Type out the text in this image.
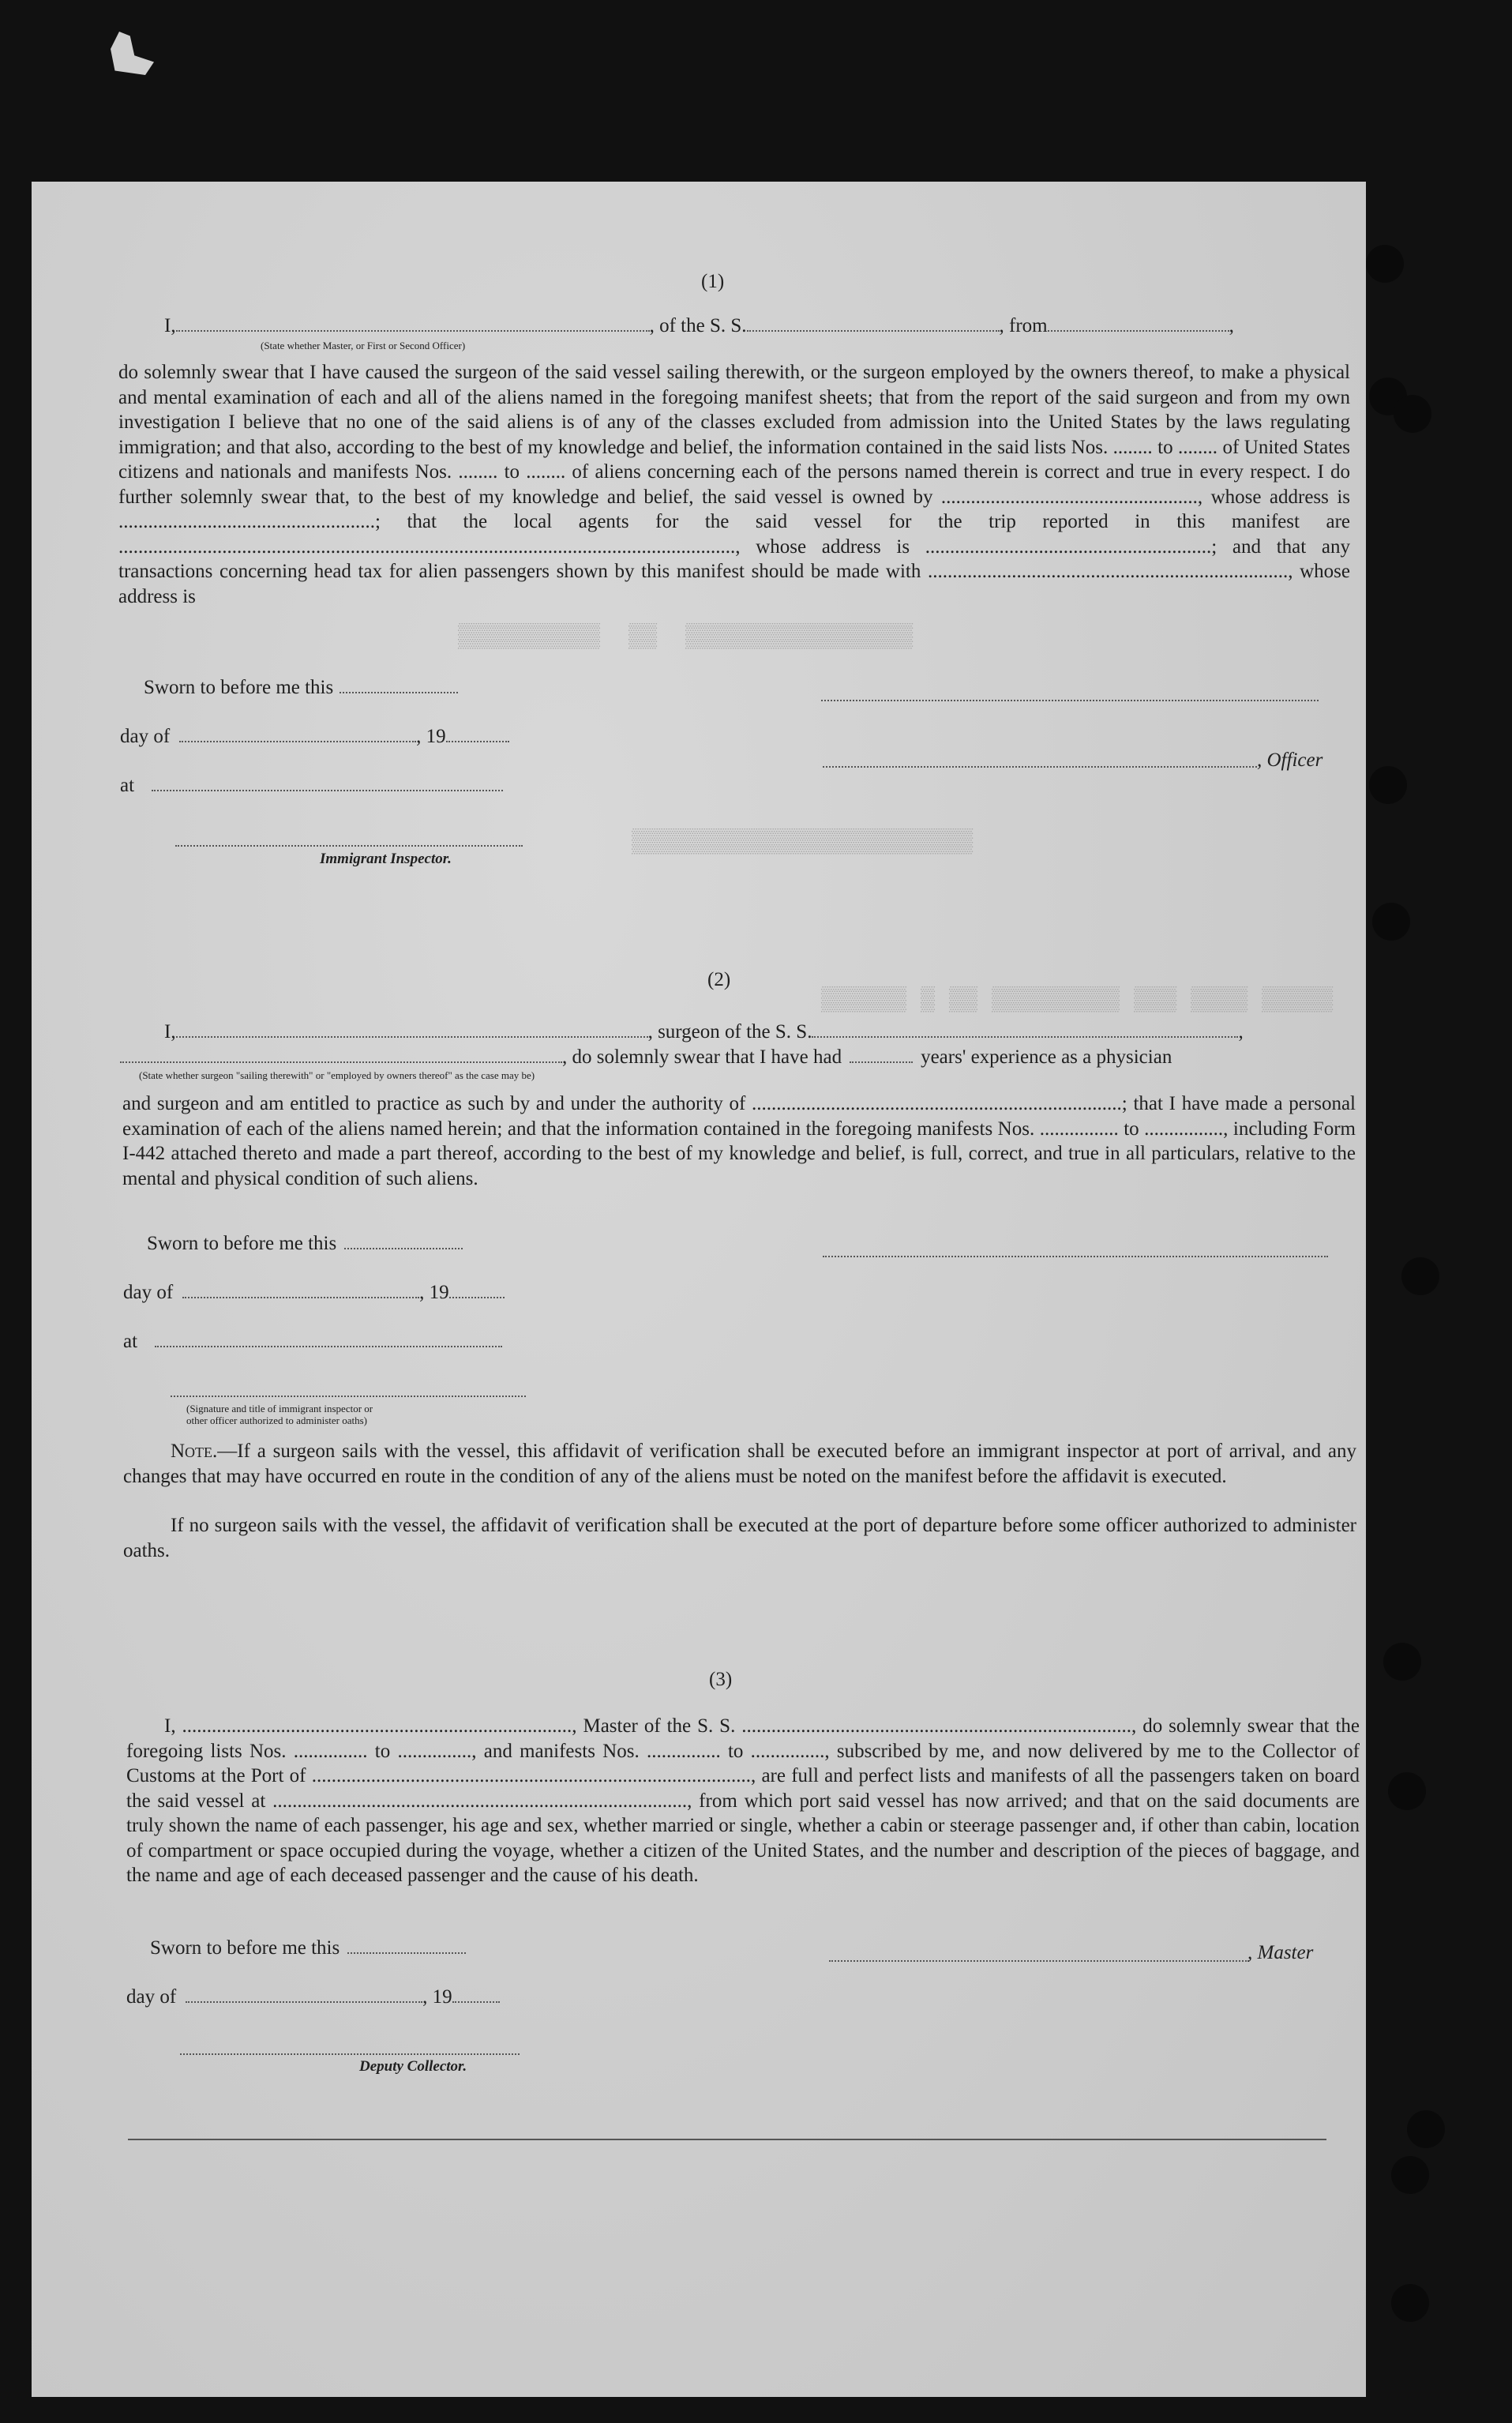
▒▒▒▒▒▒▒▒▒▒  ▒▒  ▒▒▒▒▒▒▒▒▒▒▒▒▒▒▒▒
▒▒▒▒▒▒▒▒▒▒▒▒▒▒▒▒▒▒▒▒▒▒▒▒
▒▒▒▒▒▒ ▒ ▒▒ ▒▒▒▒▒▒▒▒▒ ▒▒▒ ▒▒▒▒ ▒▒▒▒▒
(1)
I,	, of the S. S.	, from	,
(State whether Master, or First or Second Officer)
do solemnly swear that I have caused the surgeon of the said vessel sailing therewith, or the surgeon employed by the owners thereof, to make a physical and mental examination of each and all of the aliens named in the foregoing manifest sheets; that from the report of the said surgeon and from my own investigation I believe that no one of the said aliens is of any of the classes excluded from admission into the United States by the laws regulating immigration; and that also, according to the best of my knowledge and belief, the information contained in the said lists Nos. ........ to ........ of United States citizens and nationals and manifests Nos. ........ to ........ of aliens concerning each of the persons named therein is correct and true in every respect. I do further solemnly swear that, to the best of my knowledge and belief, the said vessel is owned by ...................................................., whose address is ....................................................; that the local agents for the said vessel for the trip reported in this manifest are ............................................................................................................................., whose address is ..........................................................; and that any transactions concerning head tax for alien passengers shown by this manifest should be made with ........................................................................., whose address is
Sworn to before me this
day of	, 19
, Officer
at
Immigrant Inspector.
(2)
I,	, surgeon of the S. S.	,
, do solemnly swear that I have had	years' experience as a physician
(State whether surgeon "sailing therewith" or "employed by owners thereof" as the case may be)
and surgeon and am entitled to practice as such by and under the authority of ...........................................................................; that I have made a personal examination of each of the aliens named herein; and that the information contained in the foregoing manifests Nos. ................ to ................, including Form I-442 attached thereto and made a part thereof, according to the best of my knowledge and belief, is full, correct, and true in all particulars, relative to the mental and physical condition of such aliens.
Sworn to before me this
day of	, 19
at
(Signature and title of immigrant inspector or
other officer authorized to administer oaths)
Note.—If a surgeon sails with the vessel, this affidavit of verification shall be executed before an immigrant inspector at port of arrival, and any changes that may have occurred en route in the condition of any of the aliens must be noted on the manifest before the affidavit is executed.
If no surgeon sails with the vessel, the affidavit of verification shall be executed at the port of departure before some officer authorized to administer oaths.
(3)
I, ..............................................................................., Master of the S. S. ..............................................................................., do solemnly swear that the foregoing lists Nos. ............... to ..............., and manifests Nos. ............... to ..............., subscribed by me, and now delivered by me to the Collector of Customs at the Port of ........................................................................................., are full and perfect lists and manifests of all the passengers taken on board the said vessel at ...................................................................................., from which port said vessel has now arrived; and that on the said documents are truly shown the name of each passenger, his age and sex, whether married or single, whether a cabin or steerage passenger and, if other than cabin, location of compartment or space occupied during the voyage, whether a citizen of the United States, and the number and description of the pieces of baggage, and the name and age of each deceased passenger and the cause of his death.
Sworn to before me this	, Master
day of	, 19
Deputy Collector.
